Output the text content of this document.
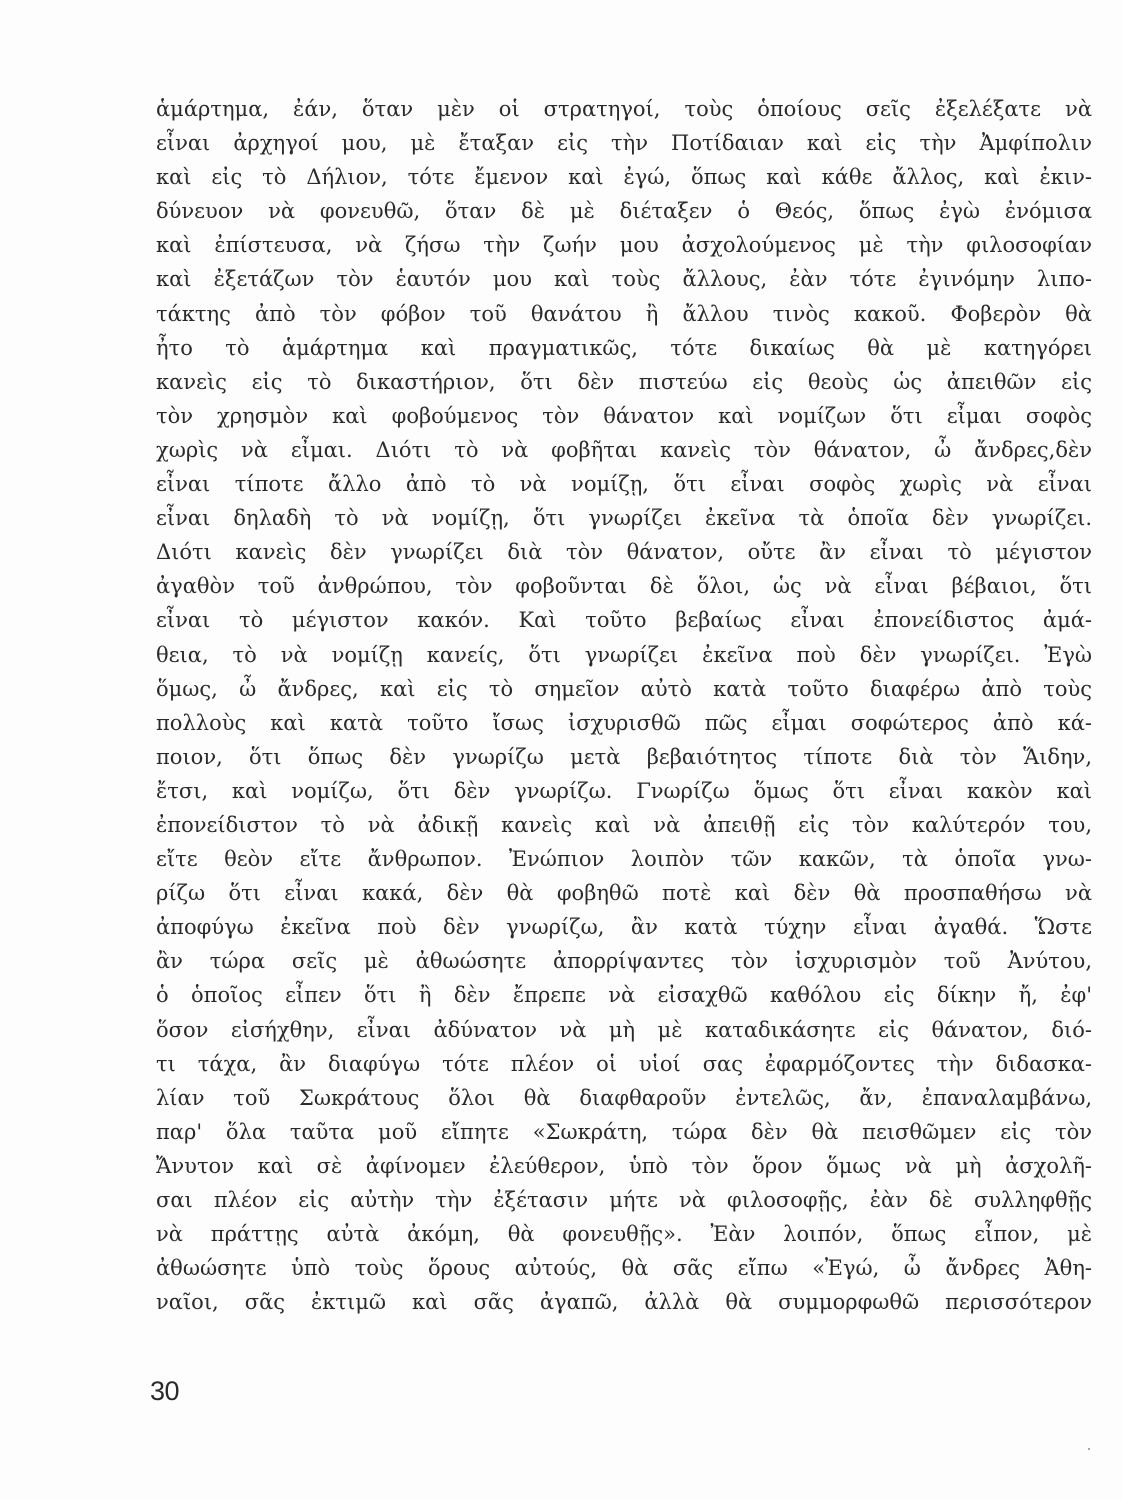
ἁμάρτημα, ἐάν, ὅταν μὲν οἱ στρατηγοί, τοὺς ὁποίους σεῖς ἐξελέξατε νὰ
εἶναι ἀρχηγοί μου, μὲ ἔταξαν εἰς τὴν Ποτίδαιαν καὶ εἰς τὴν Ἀμφίπολιν
καὶ εἰς τὸ Δήλιον, τότε ἔμενον καὶ ἐγώ, ὅπως καὶ κάθε ἄλλος, καὶ ἐκιν-
δύνευον νὰ φονευθῶ, ὅταν δὲ μὲ διέταξεν ὁ Θεός, ὅπως ἐγὼ ἐνόμισα
καὶ ἐπίστευσα, νὰ ζήσω τὴν ζωήν μου ἀσχολούμενος μὲ τὴν φιλοσοφίαν
καὶ ἐξετάζων τὸν ἑαυτόν μου καὶ τοὺς ἄλλους, ἐὰν τότε ἐγινόμην λιπο-
τάκτης ἀπὸ τὸν φόβον τοῦ θανάτου ἢ ἄλλου τινὸς κακοῦ. Φοβερὸν θὰ
ἦτο τὸ ἁμάρτημα καὶ πραγματικῶς, τότε δικαίως θὰ μὲ κατηγόρει
κανεὶς εἰς τὸ δικαστήριον, ὅτι δὲν πιστεύω εἰς θεοὺς ὡς ἀπειθῶν εἰς
τὸν χρησμὸν καὶ φοβούμενος τὸν θάνατον καὶ νομίζων ὅτι εἶμαι σοφὸς
χωρὶς νὰ εἶμαι. Διότι τὸ νὰ φοβῆται κανεὶς τὸν θάνατον, ὦ ἄνδρες,δὲν
εἶναι τίποτε ἄλλο ἀπὸ τὸ νὰ νομίζῃ, ὅτι εἶναι σοφὸς χωρὶς νὰ εἶναι
εἶναι δηλαδὴ τὸ νὰ νομίζῃ, ὅτι γνωρίζει ἐκεῖνα τὰ ὁποῖα δὲν γνωρίζει.
Διότι κανεὶς δὲν γνωρίζει διὰ τὸν θάνατον, οὔτε ἂν εἶναι τὸ μέγιστον
ἀγαθὸν τοῦ ἀνθρώπου, τὸν φοβοῦνται δὲ ὅλοι, ὡς νὰ εἶναι βέβαιοι, ὅτι
εἶναι τὸ μέγιστον κακόν. Καὶ τοῦτο βεβαίως εἶναι ἐπονείδιστος ἀμά-
θεια, τὸ νὰ νομίζῃ κανείς, ὅτι γνωρίζει ἐκεῖνα ποὺ δὲν γνωρίζει. Ἐγὼ
ὅμως, ὦ ἄνδρες, καὶ εἰς τὸ σημεῖον αὐτὸ κατὰ τοῦτο διαφέρω ἀπὸ τοὺς
πολλοὺς καὶ κατὰ τοῦτο ἴσως ἰσχυρισθῶ πῶς εἶμαι σοφώτερος ἀπὸ κά-
ποιον, ὅτι ὅπως δὲν γνωρίζω μετὰ βεβαιότητος τίποτε διὰ τὸν Ἅιδην,
ἔτσι, καὶ νομίζω, ὅτι δὲν γνωρίζω. Γνωρίζω ὅμως ὅτι εἶναι κακὸν καὶ
ἐπονείδιστον τὸ νὰ ἀδικῇ κανεὶς καὶ νὰ ἀπειθῇ εἰς τὸν καλύτερόν του,
εἴτε θεὸν εἴτε ἄνθρωπον. Ἐνώπιον λοιπὸν τῶν κακῶν, τὰ ὁποῖα γνω-
ρίζω ὅτι εἶναι κακά, δὲν θὰ φοβηθῶ ποτὲ καὶ δὲν θὰ προσπαθήσω νὰ
ἀποφύγω ἐκεῖνα ποὺ δὲν γνωρίζω, ἂν κατὰ τύχην εἶναι ἀγαθά. Ὥστε
ἂν τώρα σεῖς μὲ ἀθωώσητε ἀπορρίψαντες τὸν ἰσχυρισμὸν τοῦ Ἀνύτου,
ὁ ὁποῖος εἶπεν ὅτι ἢ δὲν ἔπρεπε νὰ εἰσαχθῶ καθόλου εἰς δίκην ἤ, ἐφ'
ὅσον εἰσήχθην, εἶναι ἀδύνατον νὰ μὴ μὲ καταδικάσητε εἰς θάνατον, διό-
τι τάχα, ἂν διαφύγω τότε πλέον οἱ υἱοί σας ἐφαρμόζοντες τὴν διδασκα-
λίαν τοῦ Σωκράτους ὅλοι θὰ διαφθαροῦν ἐντελῶς, ἄν, ἐπαναλαμβάνω,
παρ' ὅλα ταῦτα μοῦ εἴπητε «Σωκράτη, τώρα δὲν θὰ πεισθῶμεν εἰς τὸν
Ἄνυτον καὶ σὲ ἀφίνομεν ἐλεύθερον, ὑπὸ τὸν ὅρον ὅμως νὰ μὴ ἀσχολῆ-
σαι πλέον εἰς αὐτὴν τὴν ἐξέτασιν μήτε νὰ φιλοσοφῇς, ἐὰν δὲ συλληφθῇς
νὰ πράττῃς αὐτὰ ἀκόμη, θὰ φονευθῇς». Ἐὰν λοιπόν, ὅπως εἶπον, μὲ
ἀθωώσητε ὑπὸ τοὺς ὅρους αὐτούς, θὰ σᾶς εἴπω «Ἐγώ, ὦ ἄνδρες Ἀθη-
ναῖοι, σᾶς ἐκτιμῶ καὶ σᾶς ἀγαπῶ, ἀλλὰ θὰ συμμορφωθῶ περισσότερον
30
